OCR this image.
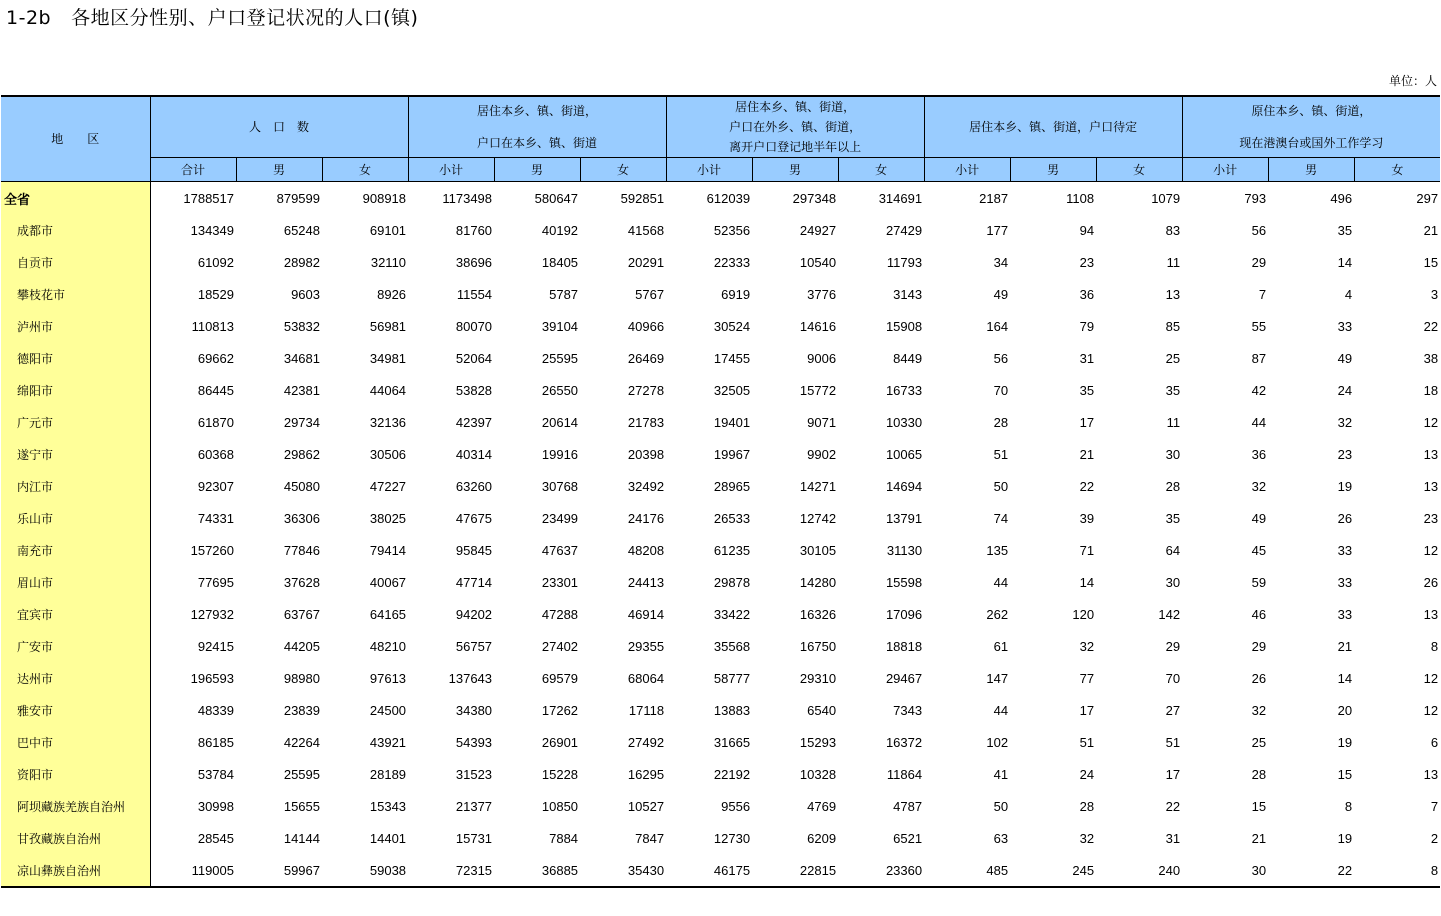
1-2b 各地区分性别、户口登记状况的人口(镇)
单位：人
地　　区	人　口　数			居住本乡、镇、街道，
户口在本乡、镇、街道			居住本乡、镇、街道，
户口在外乡、镇、街道，
离开户口登记地半年以上			居住本乡、镇、街道，户口待定			原住本乡、镇、街道，
现在港澳台或国外工作学习		

	合计	男	女	小计	男	女	小计	男	女	小计	男	女	小计	男	女
全省	1788517	879599	908918	1173498	580647	592851	612039	297348	314691	2187	1108	1079	793	496	297
成都市	134349	65248	69101	81760	40192	41568	52356	24927	27429	177	94	83	56	35	21
自贡市	61092	28982	32110	38696	18405	20291	22333	10540	11793	34	23	11	29	14	15
攀枝花市	18529	9603	8926	11554	5787	5767	6919	3776	3143	49	36	13	7	4	3
泸州市	110813	53832	56981	80070	39104	40966	30524	14616	15908	164	79	85	55	33	22
德阳市	69662	34681	34981	52064	25595	26469	17455	9006	8449	56	31	25	87	49	38
绵阳市	86445	42381	44064	53828	26550	27278	32505	15772	16733	70	35	35	42	24	18
广元市	61870	29734	32136	42397	20614	21783	19401	9071	10330	28	17	11	44	32	12
遂宁市	60368	29862	30506	40314	19916	20398	19967	9902	10065	51	21	30	36	23	13
内江市	92307	45080	47227	63260	30768	32492	28965	14271	14694	50	22	28	32	19	13
乐山市	74331	36306	38025	47675	23499	24176	26533	12742	13791	74	39	35	49	26	23
南充市	157260	77846	79414	95845	47637	48208	61235	30105	31130	135	71	64	45	33	12
眉山市	77695	37628	40067	47714	23301	24413	29878	14280	15598	44	14	30	59	33	26
宜宾市	127932	63767	64165	94202	47288	46914	33422	16326	17096	262	120	142	46	33	13
广安市	92415	44205	48210	56757	27402	29355	35568	16750	18818	61	32	29	29	21	8
达州市	196593	98980	97613	137643	69579	68064	58777	29310	29467	147	77	70	26	14	12
雅安市	48339	23839	24500	34380	17262	17118	13883	6540	7343	44	17	27	32	20	12
巴中市	86185	42264	43921	54393	26901	27492	31665	15293	16372	102	51	51	25	19	6
资阳市	53784	25595	28189	31523	15228	16295	22192	10328	11864	41	24	17	28	15	13
阿坝藏族羌族自治州	30998	15655	15343	21377	10850	10527	9556	4769	4787	50	28	22	15	8	7
甘孜藏族自治州	28545	14144	14401	15731	7884	7847	12730	6209	6521	63	32	31	21	19	2
凉山彝族自治州	119005	59967	59038	72315	36885	35430	46175	22815	23360	485	245	240	30	22	8
